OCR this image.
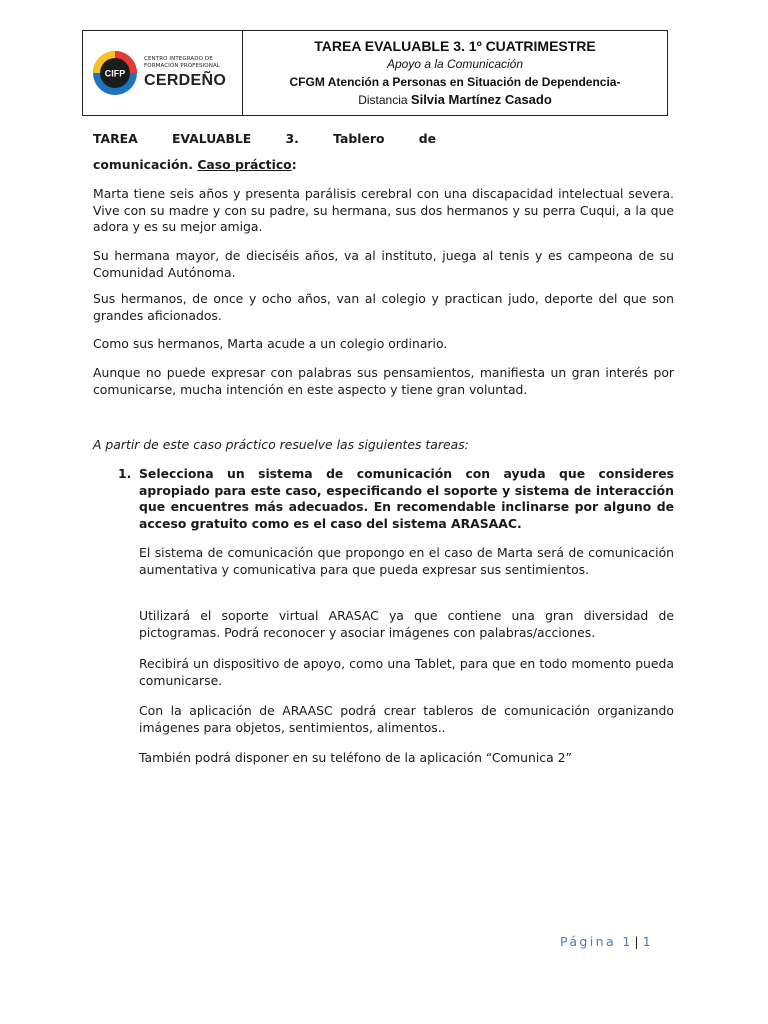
CIFP
CENTRO INTEGRADO DE
FORMACIÓN PROFESIONAL
CERDEÑO
TAREA EVALUABLE 3. 1º CUATRIMESTRE
Apoyo a la Comunicación
CFGM Atención a Personas en Situación de Dependencia-
Distancia Silvia Martínez Casado
TAREA	EVALUABLE	3.	Tablero	de
comunicación. Caso práctico:
Marta tiene seis años y presenta parálisis cerebral con una discapacidad intelectual severa. Vive con su madre y con su padre, su hermana, sus dos hermanos y su perra Cuqui, a la que adora y es su mejor amiga.
Su hermana mayor, de dieciséis años, va al instituto, juega al tenis y es campeona de su Comunidad Autónoma.
Sus hermanos, de once y ocho años, van al colegio y practican judo, deporte del que son grandes aficionados.
Como sus hermanos, Marta acude a un colegio ordinario.
Aunque no puede expresar con palabras sus pensamientos, manifiesta un gran interés por comunicarse, mucha intención en este aspecto y tiene gran voluntad.
A partir de este caso práctico resuelve las siguientes tareas:
1. Selecciona un sistema de comunicación con ayuda que consideres apropiado para este caso, especificando el soporte y sistema de interacción que encuentres más adecuados. En recomendable inclinarse por alguno de acceso gratuito como es el caso del sistema ARASAAC.
El sistema de comunicación que propongo en el caso de Marta será de comunicación aumentativa y comunicativa para que pueda expresar sus sentimientos.
Utilizará el soporte virtual ARASAC ya que contiene una gran diversidad de pictogramas. Podrá reconocer y asociar imágenes con palabras/acciones.
Recibirá un dispositivo de apoyo, como una Tablet, para que en todo momento pueda comunicarse.
Con la aplicación de ARAASC podrá crear tableros de comunicación organizando imágenes para objetos, sentimientos, alimentos..
También podrá disponer en su teléfono de la aplicación “Comunica 2”
Página 1 | 1
